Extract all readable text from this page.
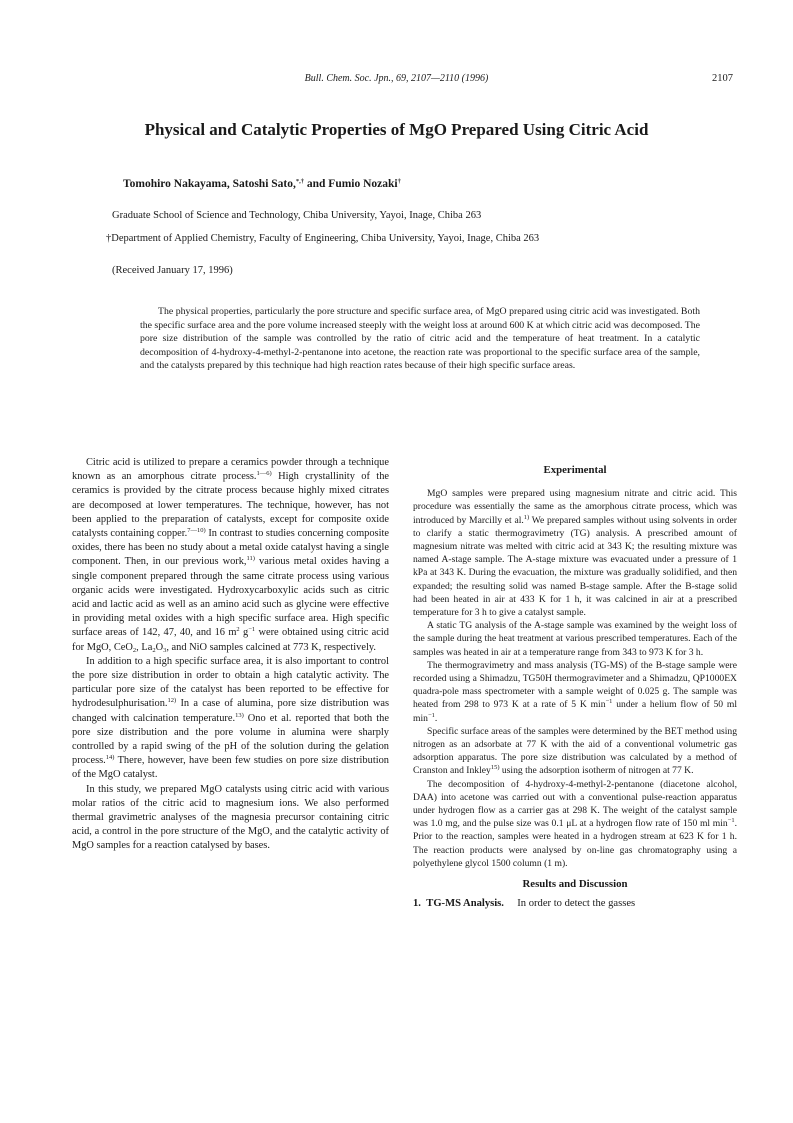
Bull. Chem. Soc. Jpn., 69, 2107—2110 (1996)	2107
Physical and Catalytic Properties of MgO Prepared Using Citric Acid
Tomohiro Nakayama, Satoshi Sato,*,† and Fumio Nozaki†
Graduate School of Science and Technology, Chiba University, Yayoi, Inage, Chiba 263
†Department of Applied Chemistry, Faculty of Engineering, Chiba University, Yayoi, Inage, Chiba 263
(Received January 17, 1996)
The physical properties, particularly the pore structure and specific surface area, of MgO prepared using citric acid was investigated. Both the specific surface area and the pore volume increased steeply with the weight loss at around 600 K at which citric acid was decomposed. The pore size distribution of the sample was controlled by the ratio of citric acid and the temperature of heat treatment. In a catalytic decomposition of 4-hydroxy-4-methyl-2-pentanone into acetone, the reaction rate was proportional to the specific surface area of the sample, and the catalysts prepared by this technique had high reaction rates because of their high specific surface areas.

Citric acid is utilized to prepare a ceramics powder through a technique known as an amorphous citrate process.$^{1—6)}$ High crystallinity of the ceramics is provided by the citrate process because highly mixed citrates are decomposed at lower temperatures. The technique, however, has not been applied to the preparation of catalysts, except for composite oxide catalysts containing copper.$^{7—10)}$ In contrast to studies concerning composite oxides, there has been no study about a metal oxide catalyst having a single component. Then, in our previous work,$^{11)}$ various metal oxides having a single component prepared through the same citrate process using various organic acids were investigated. Hydroxycarboxylic acids such as citric acid and lactic acid as well as an amino acid such as glycine were effective in providing metal oxides with a high specific surface area. High specific surface areas of 142, 47, 40, and 16 $m^2$ $g^{-1}$ were obtained using citric acid for MgO, CeO$_2$, $La_2O_3$, and NiO samples calcined at 773 K, respectively.

In addition to a high specific surface area, it is also important to control the pore size distribution in order to obtain a high catalytic activity. The particular pore size of the catalyst has been reported to be effective for hydrodesulphurisation.$^{12)}$ In a case of alumina, pore size distribution was changed with calcination temperature.$^{13)}$ Ono et al. reported that both the pore size distribution and the pore volume in alumina were sharply controlled by a rapid swing of the pH of the solution during the gelation process.$^{14)}$ There, however, have been few studies on pore size distribution of the MgO catalyst.

In this study, we prepared MgO catalysts using citric acid with various molar ratios of the citric acid to magnesium ions. We also performed thermal gravimetric analyses of the magnesia precursor containing citric acid, a control in the pore structure of the MgO, and the catalytic activity of MgO samples for a reaction catalysed by bases.

Experimental

MgO samples were prepared using magnesium nitrate and citric acid. This procedure was essentially the same as the amorphous citrate process, which was introduced by Marcilly et al.$^{1)}$ We prepared samples without using solvents in order to clarify a static thermogravimetry (TG) analysis. A prescribed amount of magnesium nitrate was melted with citric acid at 343 K; the resulting mixture was named A-stage sample. The A-stage mixture was evacuated under a pressure of 1 kPa at 343 K. During the evacuation, the mixture was gradually solidified, and then expanded; the resulting solid was named B-stage sample. After the B-stage solid had been heated in air at 433 K for 1 h, it was calcined in air at a prescribed temperature for 3 h to give a catalyst sample.

A static TG analysis of the A-stage sample was examined by the weight loss of the sample during the heat treatment at various prescribed temperatures. Each of the samples was heated in air at a temperature range from 343 to 973 K for 3 h.

The thermogravimetry and mass analysis (TG-MS) of the B-stage sample were recorded using a Shimadzu, TG50H thermogravimeter and a Shimadzu, QP1000EX quadra-pole mass spectrometer with a sample weight of 0.025 g. The sample was heated from 298 to 973 K at a rate of 5 K $\min^{-1}$ under a helium flow of 50 ml $\min^{-1}$.

Specific surface areas of the samples were determined by the BET method using nitrogen as an adsorbate at 77 K with the aid of a conventional volumetric gas adsorption apparatus. The pore size distribution was calculated by a method of Cranston and Inkley$^{15)}$ using the adsorption isotherm of nitrogen at 77 K.

The decomposition of 4-hydroxy-4-methyl-2-pentanone (diacetone alcohol, DAA) into acetone was carried out with a conventional pulse-reaction apparatus under hydrogen flow as a carrier gas at 298 K. The weight of the catalyst sample was 1.0 mg, and the pulse size was 0.1 μL at a hydrogen flow rate of 150 ml $\min^{-1}$. Prior to the reaction, samples were heated in a hydrogen stream at 623 K for 1 h. The reaction products were analysed by on-line gas chromatography using a polyethylene glycol 1500 column (1 m).

Results and Discussion

1. TG-MS Analysis. In order to detect the gasses
